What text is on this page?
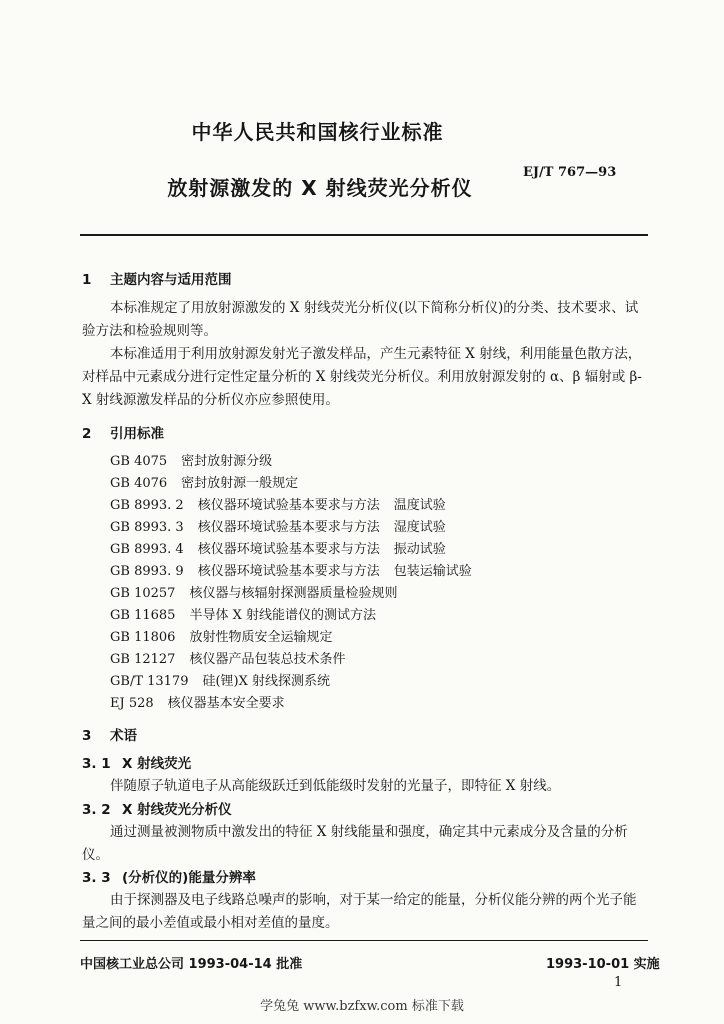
中华人民共和国核行业标准
EJ/T 767—93
放射源激发的 X 射线荧光分析仪
1 主题内容与适用范围

本标准规定了用放射源激发的 X 射线荧光分析仪(以下简称分析仪)的分类、技术要求、试验方法和检验规则等。

本标准适用于利用放射源发射光子激发样品，产生元素特征 X 射线，利用能量色散方法，对样品中元素成分进行定性定量分析的 X 射线荧光分析仪。利用放射源发射的 α、β 辐射或 β-X 射线源激发样品的分析仪亦应参照使用。

2 引用标准
GB 4075 密封放射源分级
GB 4076 密封放射源一般规定
GB 8993. 2 核仪器环境试验基本要求与方法 温度试验
GB 8993. 3 核仪器环境试验基本要求与方法 湿度试验
GB 8993. 4 核仪器环境试验基本要求与方法 振动试验
GB 8993. 9 核仪器环境试验基本要求与方法 包装运输试验
GB 10257 核仪器与核辐射探测器质量检验规则
GB 11685 半导体 X 射线能谱仪的测试方法
GB 11806 放射性物质安全运输规定
GB 12127 核仪器产品包装总技术条件
GB/T 13179 硅(锂)X 射线探测系统
EJ 528 核仪器基本安全要求
3 术语
3. 1 X 射线荧光
伴随原子轨道电子从高能级跃迁到低能级时发射的光量子，即特征 X 射线。
3. 2 X 射线荧光分析仪
通过测量被测物质中激发出的特征 X 射线能量和强度，确定其中元素成分及含量的分析仪。
3. 3 (分析仪的)能量分辨率
由于探测器及电子线路总噪声的影响，对于某一给定的能量，分析仪能分辨的两个光子能量之间的最小差值或最小相对差值的量度。
中国核工业总公司 1993-04-14 批准	1993-10-01 实施
1
学兔兔 www.bzfxw.com 标准下载
